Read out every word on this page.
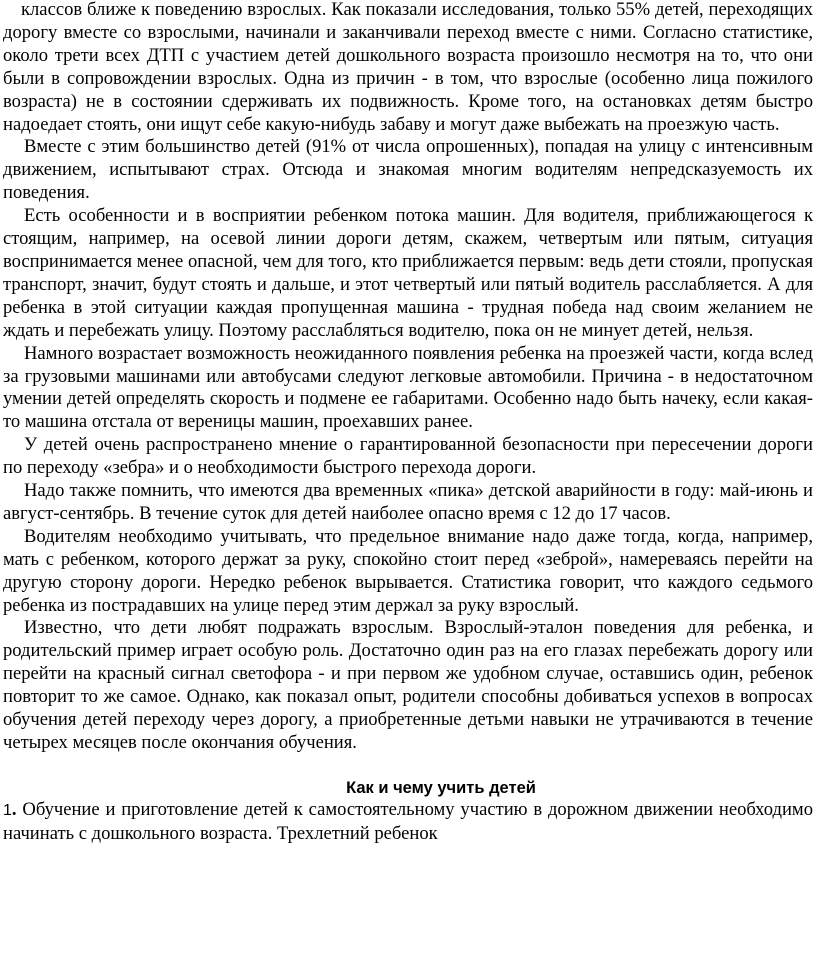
классов ближе к поведению взрослых. Как показали исследования, только 55% детей, переходящих дорогу вместе со взрослыми, начинали и заканчивали переход вместе с ними. Согласно статистике, около трети всех ДТП с участием детей дошкольного возраста произошло несмотря на то, что они были в сопровождении взрослых. Одна из причин - в том, что взрослые (особенно лица пожилого возраста) не в состоянии сдерживать их подвижность. Кроме того, на остановках детям быстро надоедает стоять, они ищут себе какую-нибудь забаву и могут даже выбежать на проезжую часть.

Вместе с этим большинство детей (91% от числа опрошенных), попадая на улицу с интенсивным движением, испытывают страх. Отсюда и знакомая многим водителям непредсказуемость их поведения.

Есть особенности и в восприятии ребенком потока машин. Для водителя, приближающегося к стоящим, например, на осевой линии дороги детям, скажем, четвертым или пятым, ситуация воспринимается менее опасной, чем для того, кто приближается первым: ведь дети стояли, пропуская транспорт, значит, будут стоять и дальше, и этот четвертый или пятый водитель расслабляется. А для ребенка в этой ситуации каждая пропущенная машина - трудная победа над своим желанием не ждать и перебежать улицу. Поэтому расслабляться водителю, пока он не минует детей, нельзя.

Намного возрастает возможность неожиданного появления ребенка на проезжей части, когда вслед за грузовыми машинами или автобусами следуют легковые автомобили. Причина - в недостаточном умении детей определять скорость и подмене ее габаритами. Особенно надо быть начеку, если какая-то машина отстала от вереницы машин, проехавших ранее.

У детей очень распространено мнение о гарантированной безопасности при пересечении дороги по переходу «зебра» и о необходимости быстрого перехода дороги.

Надо также помнить, что имеются два временных «пика» детской аварийности в году: май-июнь и август-сентябрь. В течение суток для детей наиболее опасно время с 12 до 17 часов.

Водителям необходимо учитывать, что предельное внимание надо даже тогда, когда, например, мать с ребенком, которого держат за руку, спокойно стоит перед «зеброй», намереваясь перейти на другую сторону дороги. Нередко ребенок вырывается. Статистика говорит, что каждого седьмого ребенка из пострадавших на улице перед этим держал за руку взрослый.

Известно, что дети любят подражать взрослым. Взрослый-эталон поведения для ребенка, и родительский пример играет особую роль. Достаточно один раз на его глазах перебежать дорогу или перейти на красный сигнал светофора - и при первом же удобном случае, оставшись один, ребенок повторит то же самое. Однако, как показал опыт, родители способны добиваться успехов в вопросах обучения детей переходу через дорогу, а приобретенные детьми навыки не утрачиваются в течение четырех месяцев после окончания обучения.

Как и чему учить детей

1. Обучение и приготовление детей к самостоятельному участию в дорожном движении необходимо начинать с дошкольного возраста. Трехлетний ребенок
